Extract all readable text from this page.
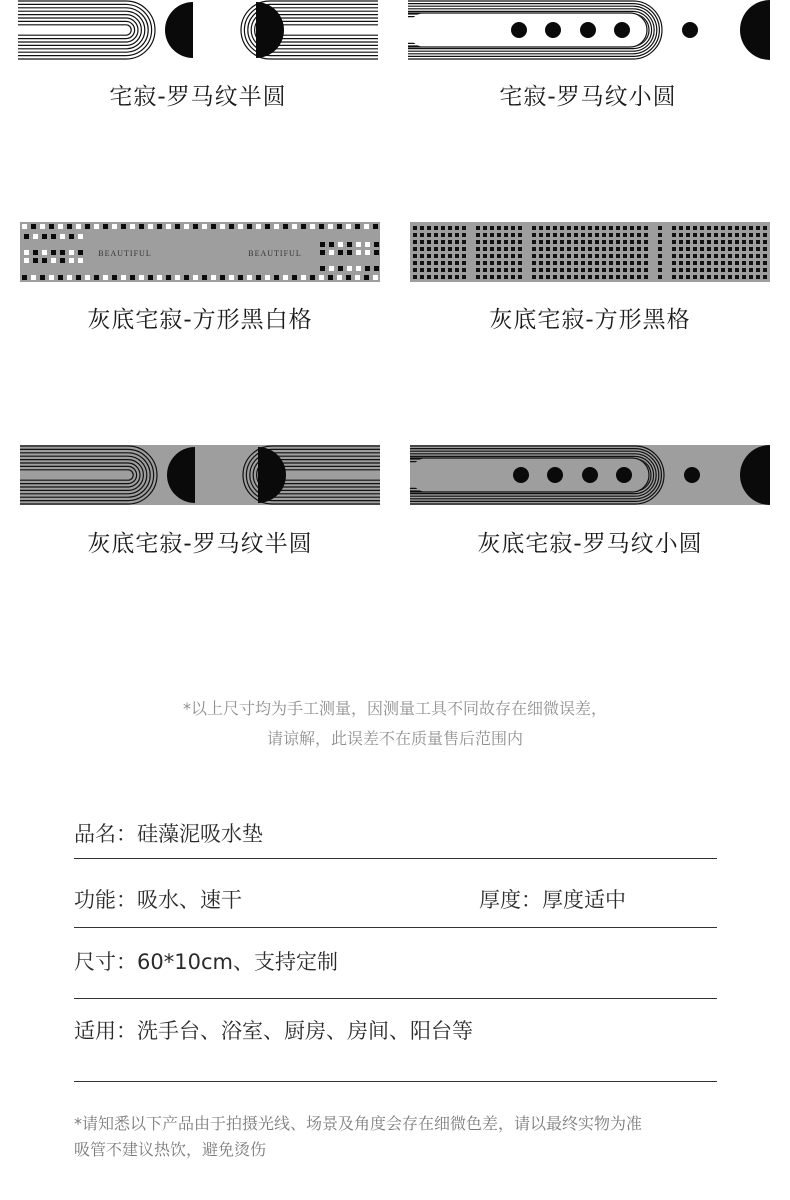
宅寂-罗马纹半圆	宅寂-罗马纹小圆
BEAUTIFUL	BEAUTIFUL
灰底宅寂-方形黑白格	灰底宅寂-方形黑格
灰底宅寂-罗马纹半圆	灰底宅寂-罗马纹小圆
*以上尺寸均为手工测量，因测量工具不同故存在细微误差，
请谅解，此误差不在质量售后范围内
品名：硅藻泥吸水垫
功能：吸水、速干	厚度：厚度适中
尺寸：60*10cm、支持定制
适用：洗手台、浴室、厨房、房间、阳台等
*请知悉以下产品由于拍摄光线、场景及角度会存在细微色差，请以最终实物为准
吸管不建议热饮，避免烫伤
